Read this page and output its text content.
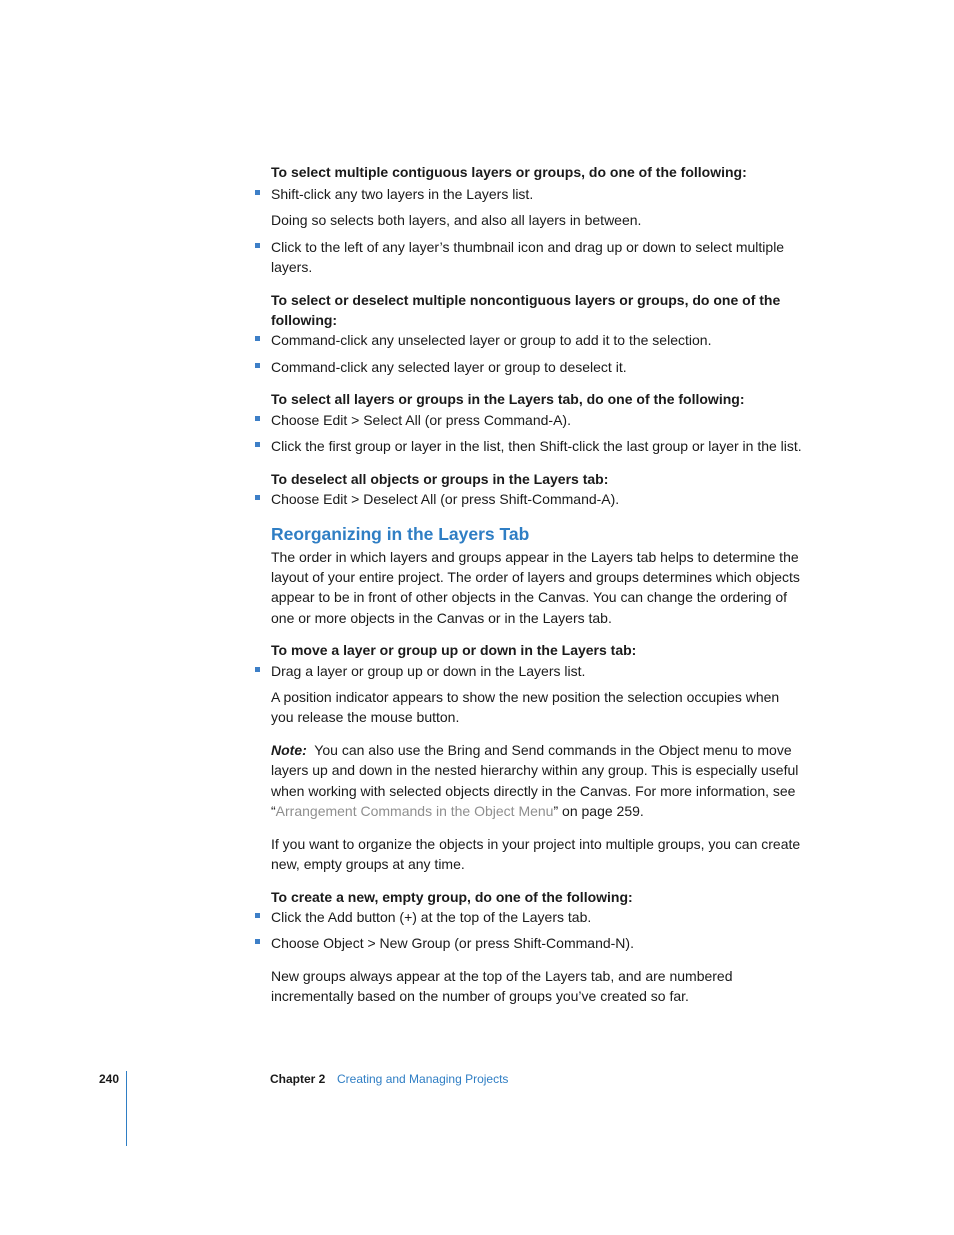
To select multiple contiguous layers or groups, do one of the following:

Shift-click any two layers in the Layers list.

Doing so selects both layers, and also all layers in between.

Click to the left of any layer’s thumbnail icon and drag up or down to select multiple

layers.

To select or deselect multiple noncontiguous layers or groups, do one of the

following:

Command-click any unselected layer or group to add it to the selection.

Command-click any selected layer or group to deselect it.

To select all layers or groups in the Layers tab, do one of the following:

Choose Edit > Select All (or press Command-A).

Click the first group or layer in the list, then Shift-click the last group or layer in the list.

To deselect all objects or groups in the Layers tab:

Choose Edit > Deselect All (or press Shift-Command-A).

Reorganizing in the Layers Tab

The order in which layers and groups appear in the Layers tab helps to determine the

layout of your entire project. The order of layers and groups determines which objects

appear to be in front of other objects in the Canvas. You can change the ordering of

one or more objects in the Canvas or in the Layers tab.

To move a layer or group up or down in the Layers tab:

Drag a layer or group up or down in the Layers list.

A position indicator appears to show the new position the selection occupies when

you release the mouse button.

Note:  You can also use the Bring and Send commands in the Object menu to move

layers up and down in the nested hierarchy within any group. This is especially useful

when working with selected objects directly in the Canvas. For more information, see

“Arrangement Commands in the Object Menu” on page 259.

If you want to organize the objects in your project into multiple groups, you can create

new, empty groups at any time.

To create a new, empty group, do one of the following:

Click the Add button (+) at the top of the Layers tab.

Choose Object > New Group (or press Shift-Command-N).

New groups always appear at the top of the Layers tab, and are numbered

incrementally based on the number of groups you’ve created so far.

240	Chapter 2 Creating and Managing Projects
